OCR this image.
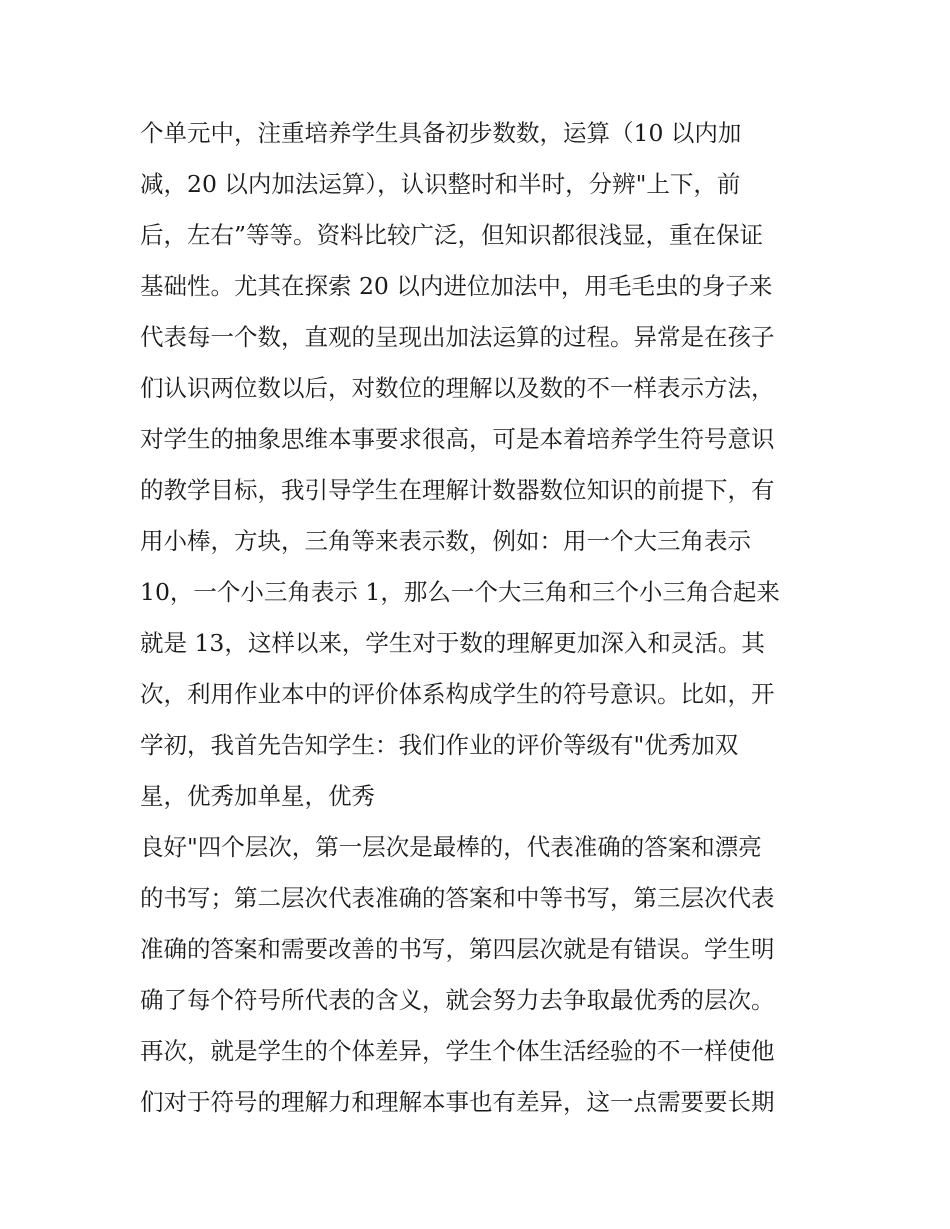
个单元中，注重培养学生具备初步数数，运算（10 以内加
减，20 以内加法运算），认识整时和半时，分辨"上下，前
后，左右”等等。资料比较广泛，但知识都很浅显，重在保证
基础性。尤其在探索 20 以内进位加法中，用毛毛虫的身子来
代表每一个数，直观的呈现出加法运算的过程。异常是在孩子
们认识两位数以后，对数位的理解以及数的不一样表示方法，
对学生的抽象思维本事要求很高，可是本着培养学生符号意识
的教学目标，我引导学生在理解计数器数位知识的前提下，有
用小棒，方块，三角等来表示数，例如：用一个大三角表示
10，一个小三角表示 1，那么一个大三角和三个小三角合起来
就是 13，这样以来，学生对于数的理解更加深入和灵活。其
次，利用作业本中的评价体系构成学生的符号意识。比如，开
学初，我首先告知学生：我们作业的评价等级有"优秀加双
星，优秀加单星，优秀
良好"四个层次，第一层次是最棒的，代表准确的答案和漂亮
的书写；第二层次代表准确的答案和中等书写，第三层次代表
准确的答案和需要改善的书写，第四层次就是有错误。学生明
确了每个符号所代表的含义，就会努力去争取最优秀的层次。
再次，就是学生的个体差异，学生个体生活经验的不一样使他
们对于符号的理解力和理解本事也有差异，这一点需要要长期
